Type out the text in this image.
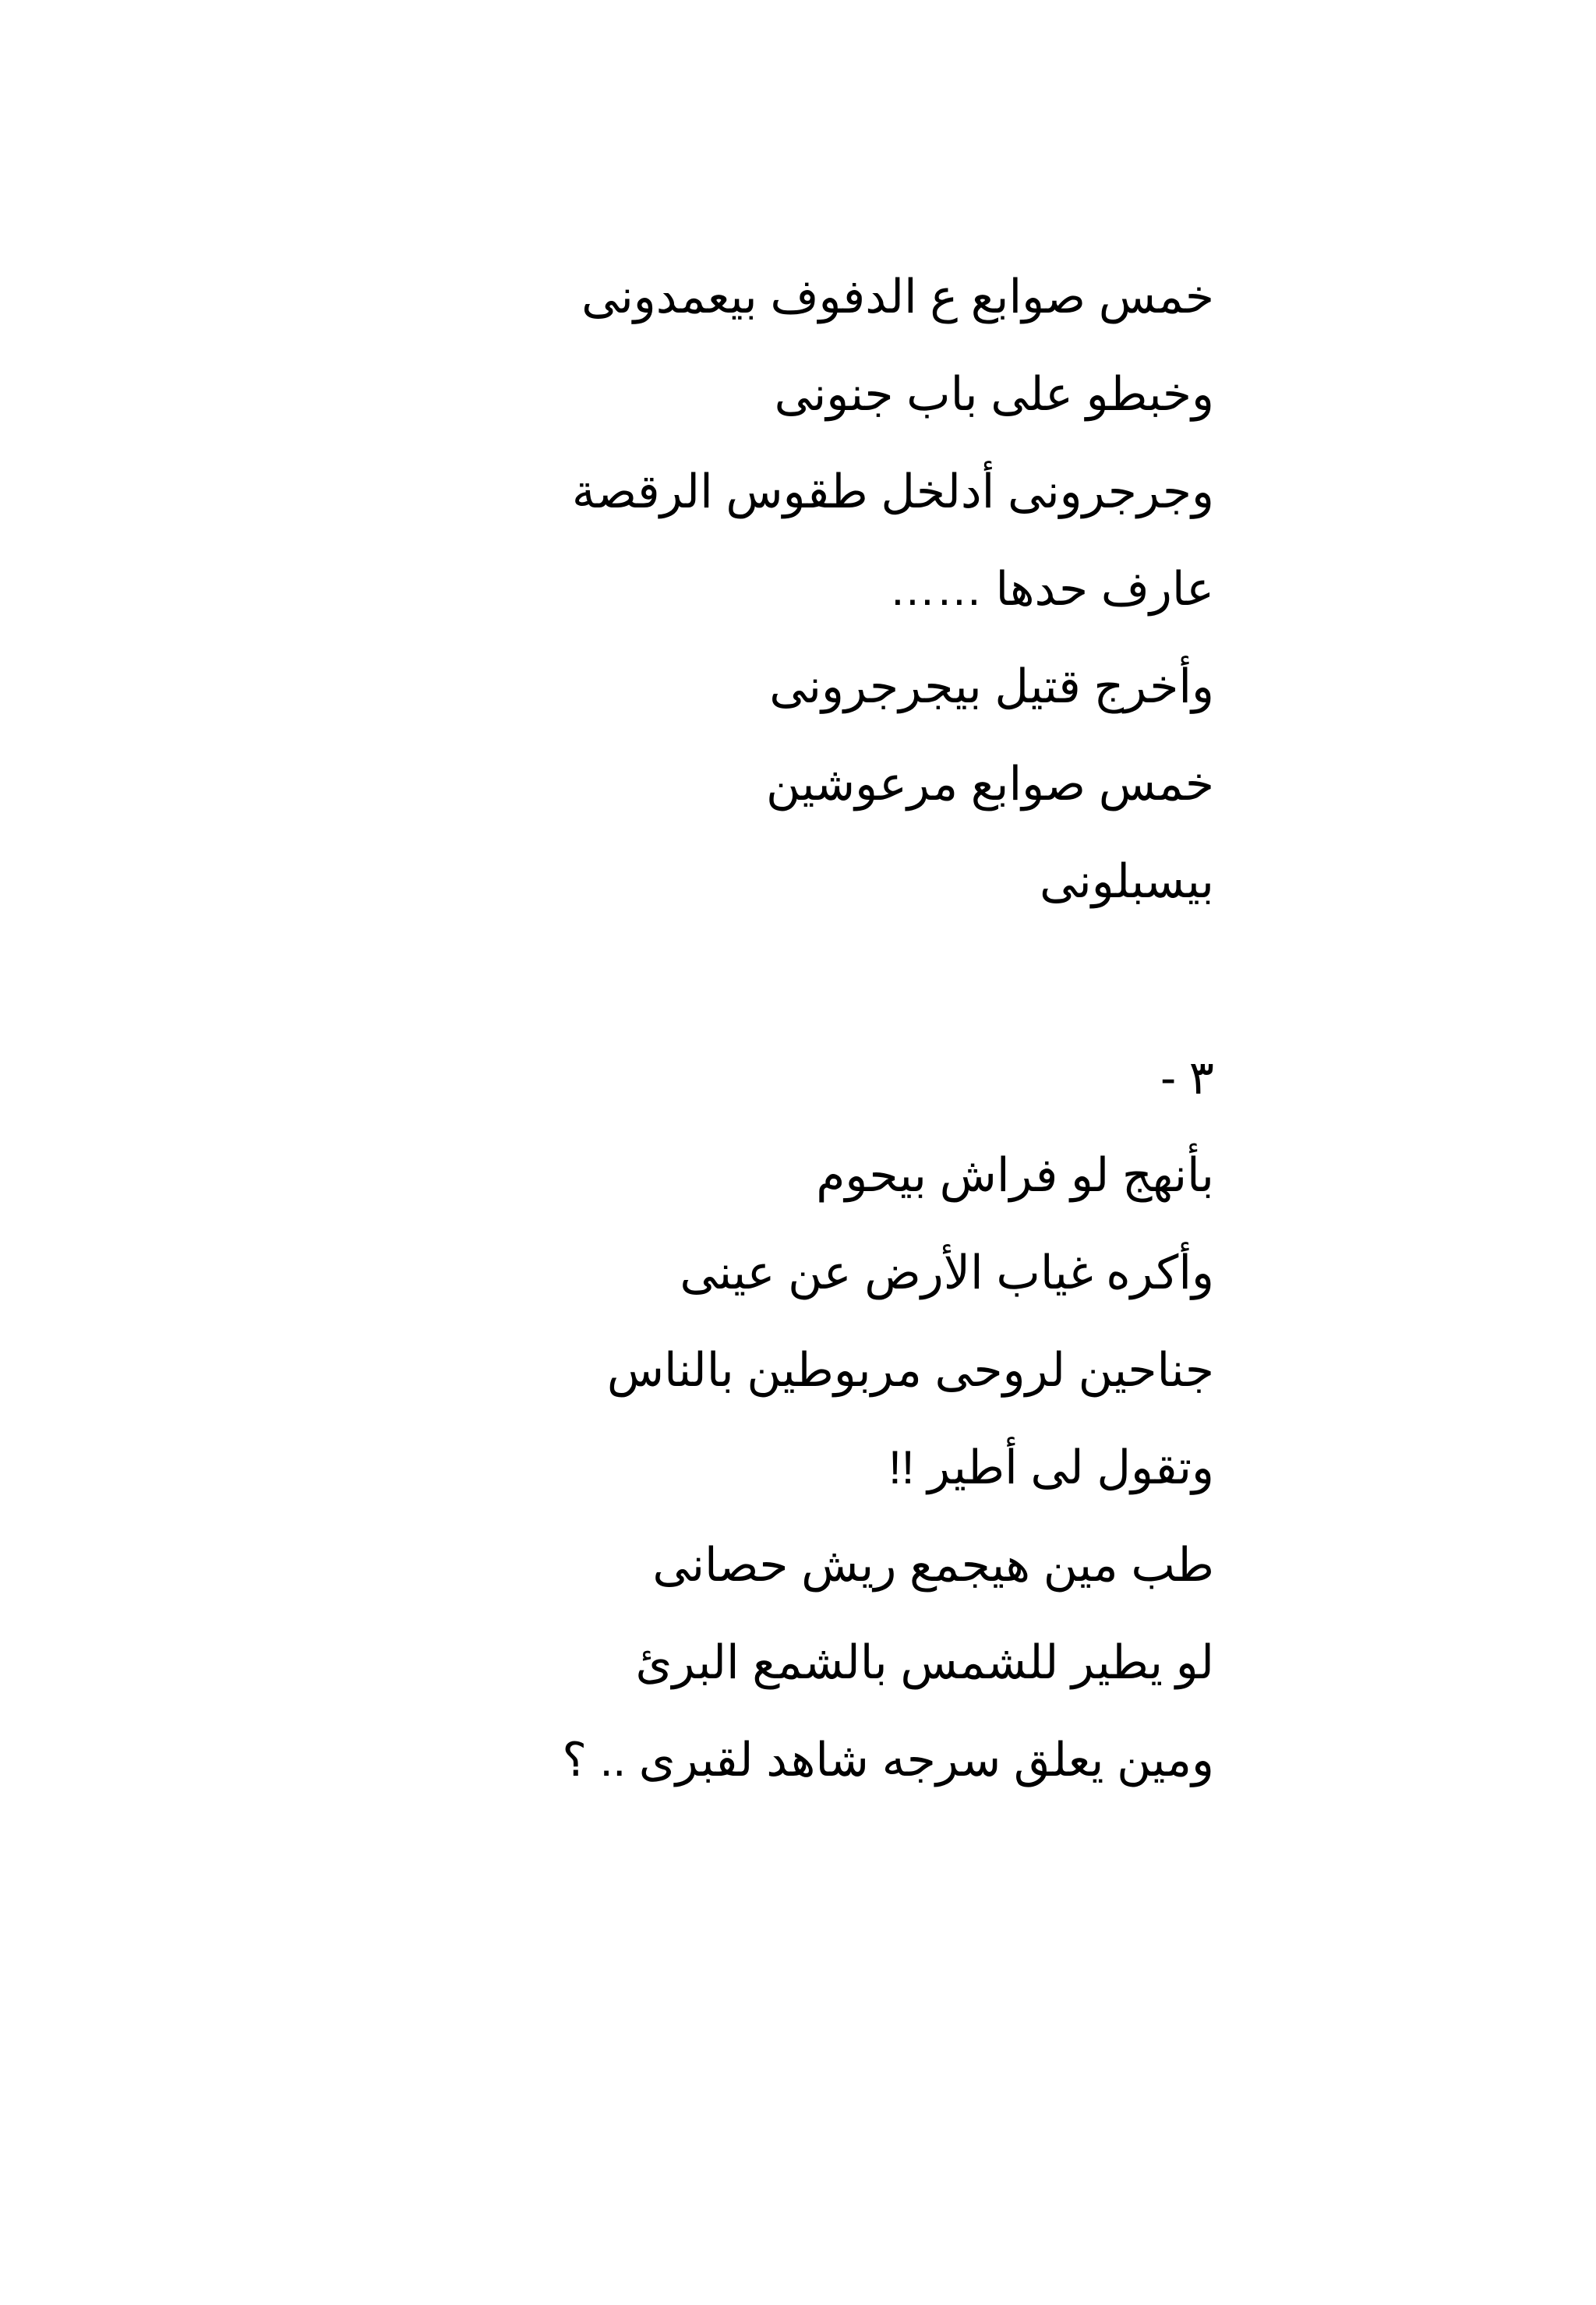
خمس صوابع ع الدفوف بيعمدونى
وخبطو على باب جنونى
وجرجرونى أدلخل طقوس الرقصة
عارف حدها ……
وأخرج قتيل بيجرجرونى
خمس صوابع مرعوشين
بيسبلونى
٣ -
بأنهج لو فراش بيحوم
وأكره غياب الأرض عن عينى
جناحين لروحى مربوطين بالناس
وتقول لى أطير !!
طب مين هيجمع ريش حصانى
لو يطير للشمس بالشمع البرئ
ومين يعلق سرجه شاهد لقبرى .. ؟
